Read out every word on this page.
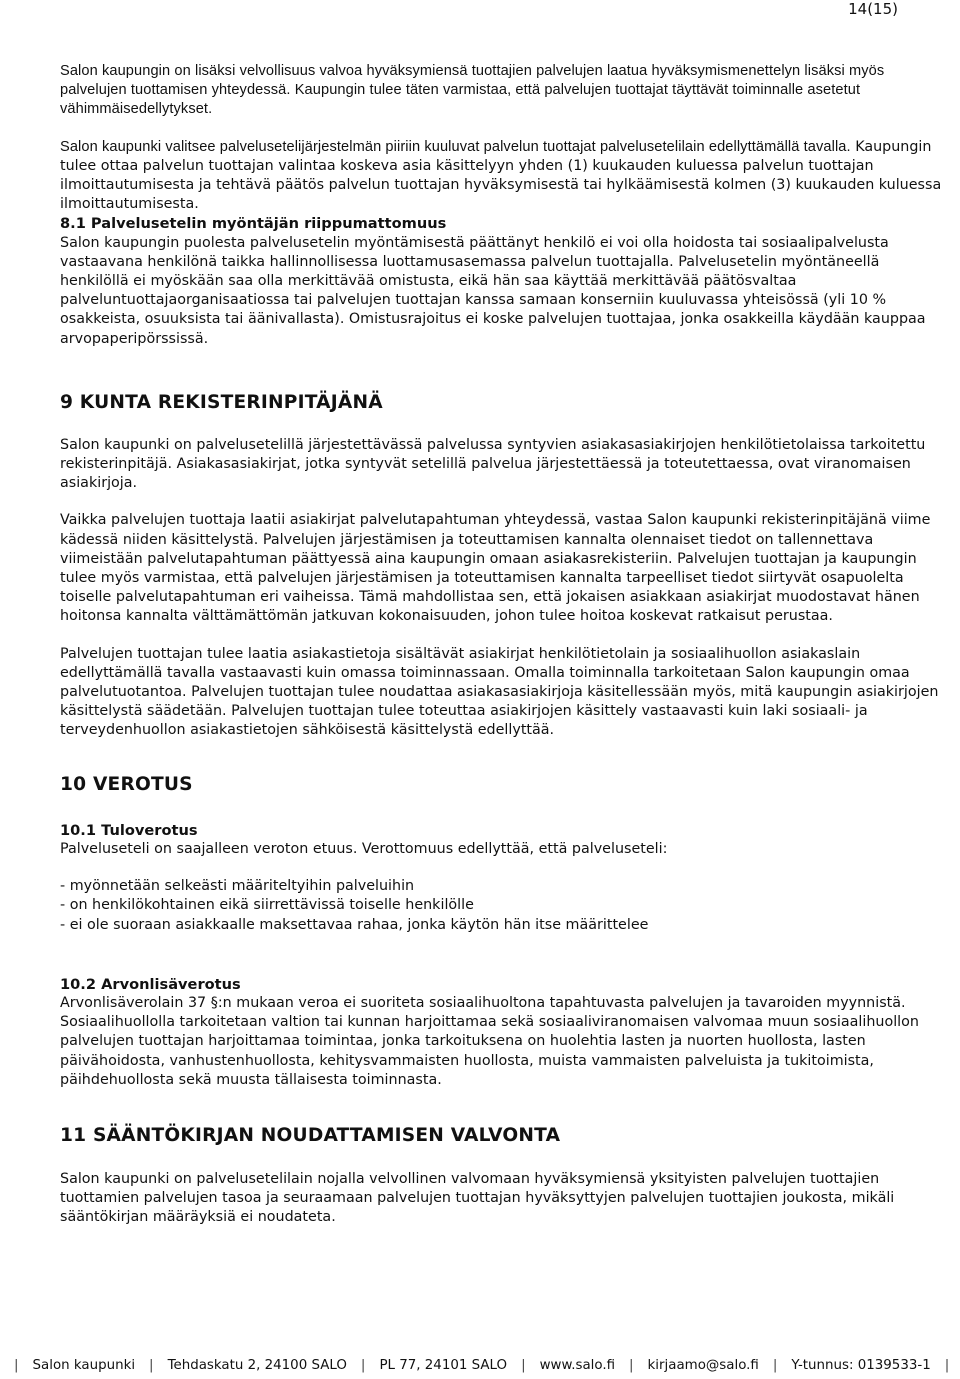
14(15)

Salon kaupungin on lisäksi velvollisuus valvoa hyväksymiensä tuottajien palvelujen laatua hyväksymismenettelyn lisäksi myös palvelujen tuottamisen yhteydessä. Kaupungin tulee täten varmistaa, että palvelujen tuottajat täyttävät toiminnalle asetetut vähimmäisedellytykset.

Salon kaupunki valitsee palvelusetelijärjestelmän piiriin kuuluvat palvelun tuottajat palvelusetelilain edellyttämällä tavalla. Kaupungin tulee ottaa palvelun tuottajan valintaa koskeva asia käsittelyyn yhden (1) kuukauden kuluessa palvelun tuottajan ilmoittautumisesta ja tehtävä päätös palvelun tuottajan hyväksymisestä tai hylkäämisestä kolmen (3) kuukauden kuluessa ilmoittautumisesta.

8.1 Palvelusetelin myöntäjän riippumattomuus

Salon kaupungin puolesta palvelusetelin myöntämisestä päättänyt henkilö ei voi olla hoidosta tai sosiaalipalvelusta vastaavana henkilönä taikka hallinnollisessa luottamusasemassa palvelun tuottajalla. Palvelusetelin myöntäneellä henkilöllä ei myöskään saa olla merkittävää omistusta, eikä hän saa käyttää merkittävää päätösvaltaa palveluntuottajaorganisaatiossa tai palvelujen tuottajan kanssa samaan konserniin kuuluvassa yhteisössä (yli 10 % osakkeista, osuuksista tai äänivallasta). Omistusrajoitus ei koske palvelujen tuottajaa, jonka osakkeilla käydään kauppaa arvopaperipörssissä.

9 KUNTA REKISTERINPITÄJÄNÄ

Salon kaupunki on palvelusetelillä järjestettävässä palvelussa syntyvien asiakasasiakirjojen henkilötietolaissa tarkoitettu rekisterinpitäjä. Asiakasasiakirjat, jotka syntyvät setelillä palvelua järjestettäessä ja toteutettaessa, ovat viranomaisen asiakirjoja.

Vaikka palvelujen tuottaja laatii asiakirjat palvelutapahtuman yhteydessä, vastaa Salon kaupunki rekisterinpitäjänä viime kädessä niiden käsittelystä. Palvelujen järjestämisen ja toteuttamisen kannalta olennaiset tiedot on tallennettava viimeistään palvelutapahtuman päättyessä aina kaupungin omaan asiakasrekisteriin. Palvelujen tuottajan ja kaupungin tulee myös varmistaa, että palvelujen järjestämisen ja toteuttamisen kannalta tarpeelliset tiedot siirtyvät osapuolelta toiselle palvelutapahtuman eri vaiheissa. Tämä mahdollistaa sen, että jokaisen asiakkaan asiakirjat muodostavat hänen hoitonsa kannalta välttämättömän jatkuvan kokonaisuuden, johon tulee hoitoa koskevat ratkaisut perustaa.

Palvelujen tuottajan tulee laatia asiakastietoja sisältävät asiakirjat henkilötietolain ja sosiaalihuollon asiakaslain edellyttämällä tavalla vastaavasti kuin omassa toiminnassaan. Omalla toiminnalla tarkoitetaan Salon kaupungin omaa palvelutuotantoa. Palvelujen tuottajan tulee noudattaa asiakasasiakirjoja käsitellessään myös, mitä kaupungin asiakirjojen käsittelystä säädetään. Palvelujen tuottajan tulee toteuttaa asiakirjojen käsittely vastaavasti kuin laki sosiaali- ja terveydenhuollon asiakastietojen sähköisestä käsittelystä edellyttää.

10 VEROTUS

10.1 Tuloverotus

Palveluseteli on saajalleen veroton etuus. Verottomuus edellyttää, että palveluseteli:

- myönnetään selkeästi määriteltyihin palveluihin
- on henkilökohtainen eikä siirrettävissä toiselle henkilölle
- ei ole suoraan asiakkaalle maksettavaa rahaa, jonka käytön hän itse määrittelee

10.2 Arvonlisäverotus

Arvonlisäverolain 37 §:n mukaan veroa ei suoriteta sosiaalihuoltona tapahtuvasta palvelujen ja tavaroiden myynnistä. Sosiaalihuollolla tarkoitetaan valtion tai kunnan harjoittamaa sekä sosiaaliviranomaisen valvomaa muun sosiaalihuollon palvelujen tuottajan harjoittamaa toimintaa, jonka tarkoituksena on huolehtia lasten ja nuorten huollosta, lasten päivähoidosta, vanhustenhuollosta, kehitysvammaisten huollosta, muista vammaisten palveluista ja tukitoimista, päihdehuollosta sekä muusta tällaisesta toiminnasta.

11 SÄÄNTÖKIRJAN NOUDATTAMISEN VALVONTA

Salon kaupunki on palvelusetelilain nojalla velvollinen valvomaan hyväksymiensä yksityisten palvelujen tuottajien tuottamien palvelujen tasoa ja seuraamaan palvelujen tuottajan hyväksyttyjen palvelujen tuottajien joukosta, mikäli sääntökirjan määräyksiä ei noudateta.

| Salon kaupunki | Tehdaskatu 2, 24100 SALO | PL 77, 24101 SALO | www.salo.fi | kirjaamo@salo.fi | Y-tunnus: 0139533-1 |
